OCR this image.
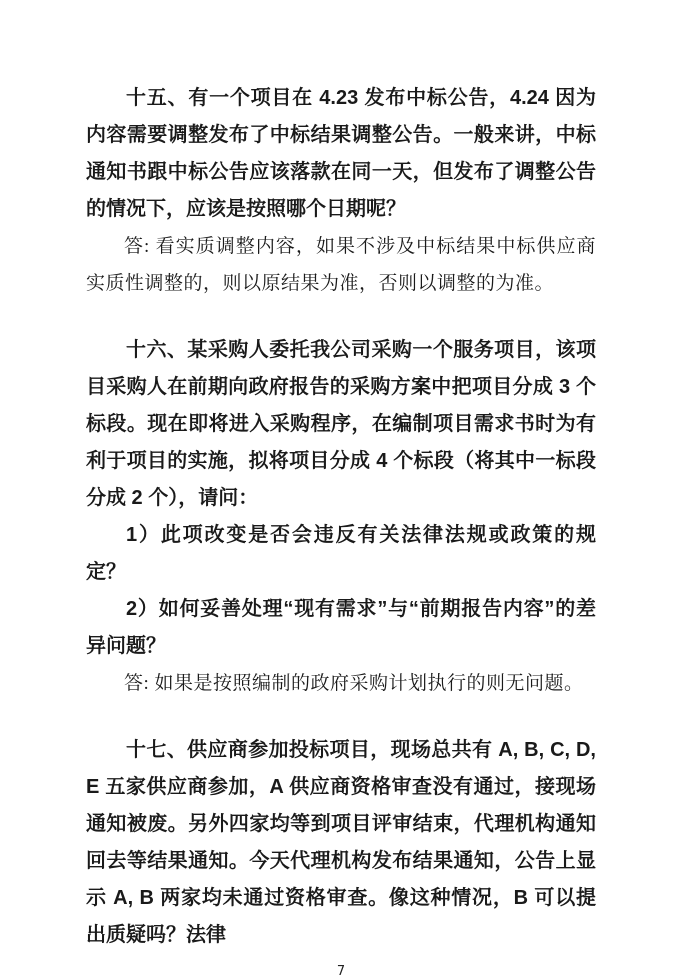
十五、有一个项目在 4.23 发布中标公告，4.24 因为内容需要调整发布了中标结果调整公告。一般来讲，中标通知书跟中标公告应该落款在同一天，但发布了调整公告的情况下，应该是按照哪个日期呢？

答: 看实质调整内容，如果不涉及中标结果中标供应商实质性调整的，则以原结果为准，否则以调整的为准。

十六、某采购人委托我公司采购一个服务项目，该项目采购人在前期向政府报告的采购方案中把项目分成 3 个标段。现在即将进入采购程序，在编制项目需求书时为有利于项目的实施，拟将项目分成 4 个标段（将其中一标段分成 2 个），请问：

1）此项改变是否会违反有关法律法规或政策的规定？

2）如何妥善处理“现有需求”与“前期报告内容”的差异问题？

答: 如果是按照编制的政府采购计划执行的则无问题。

十七、供应商参加投标项目，现场总共有 A, B, C, D, E 五家供应商参加，A 供应商资格审查没有通过，接现场通知被废。另外四家均等到项目评审结束，代理机构通知回去等结果通知。今天代理机构发布结果通知，公告上显示 A, B 两家均未通过资格审查。像这种情况，B 可以提出质疑吗？法律

7
